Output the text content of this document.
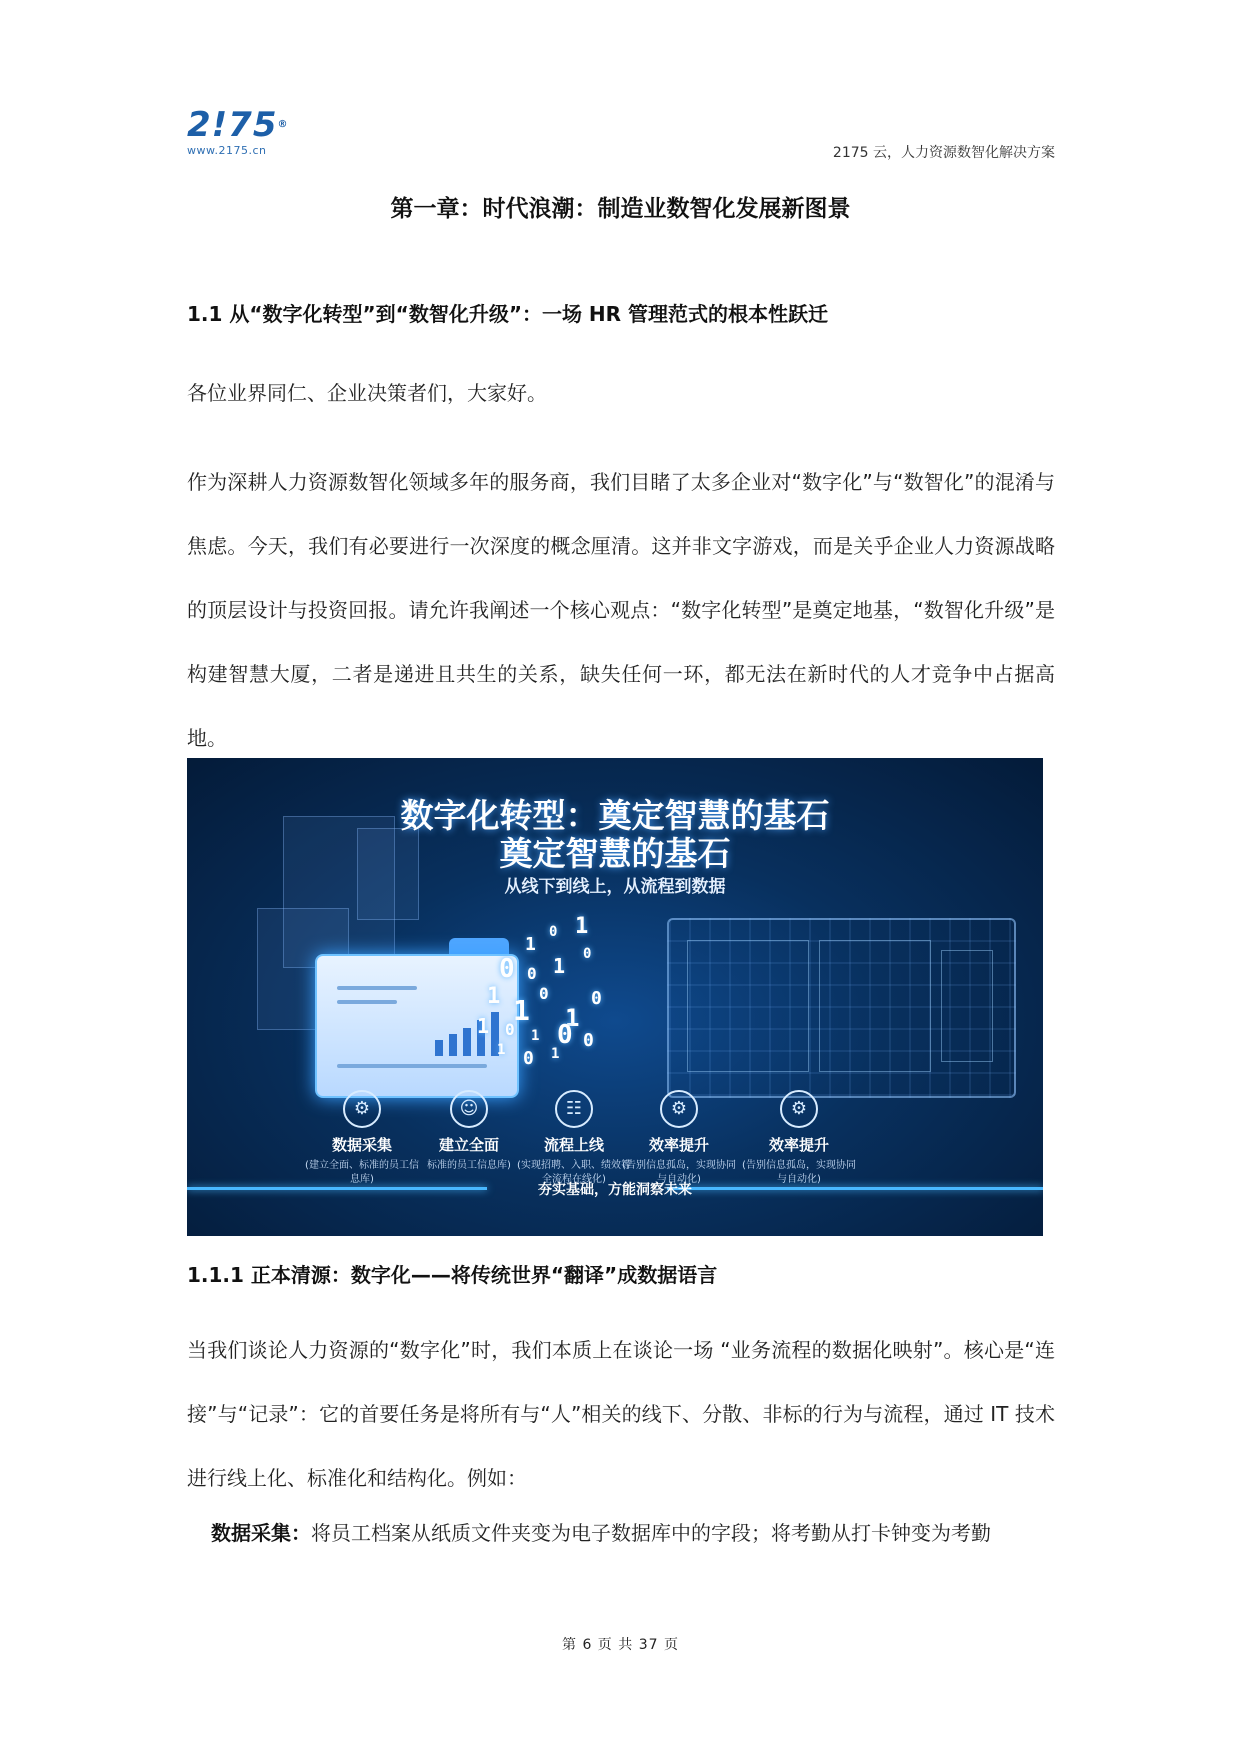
2!75®
www.2175.cn	2175 云，人力资源数智化解决方案
第一章：时代浪潮：制造业数智化发展新图景
1.1 从“数字化转型”到“数智化升级”：一场 HR 管理范式的根本性跃迁
各位业界同仁、企业决策者们，大家好。
作为深耕人力资源数智化领域多年的服务商，我们目睹了太多企业对“数字化”与“数智化”的混淆与焦虑。今天，我们有必要进行一次深度的概念厘清。这并非文字游戏，而是关乎企业人力资源战略的顶层设计与投资回报。请允许我阐述一个核心观点：“数字化转型”是奠定地基，“数智化升级”是构建智慧大厦，二者是递进且共生的关系，缺失任何一环，都无法在新时代的人才竞争中占据高地。
数字化转型：奠定智慧的基石
奠定智慧的基石
从线下到线上，从流程到数据
1
0 1
0 0 1 0
1 1
0
1
0
1 0 1 0 0
1 0 1
⚙
数据采集
(建立全面、标准的员工信息库)
☺
建立全面
标准的员工信息库)
☷
流程上线
(实现招聘、入职、绩效等全流程在线化)
⚙
效率提升
(告别信息孤岛，实现协同与自动化)
⚙
效率提升
(告别信息孤岛，实现协同与自动化)
夯实基础，方能洞察未来
1.1.1 正本清源：数字化——将传统世界“翻译”成数据语言
当我们谈论人力资源的“数字化”时，我们本质上在谈论一场 “业务流程的数据化映射”。核心是“连接”与“记录”：它的首要任务是将所有与“人”相关的线下、分散、非标的行为与流程，通过 IT 技术进行线上化、标准化和结构化。例如：
数据采集：将员工档案从纸质文件夹变为电子数据库中的字段；将考勤从打卡钟变为考勤
第 6 页 共 37 页
